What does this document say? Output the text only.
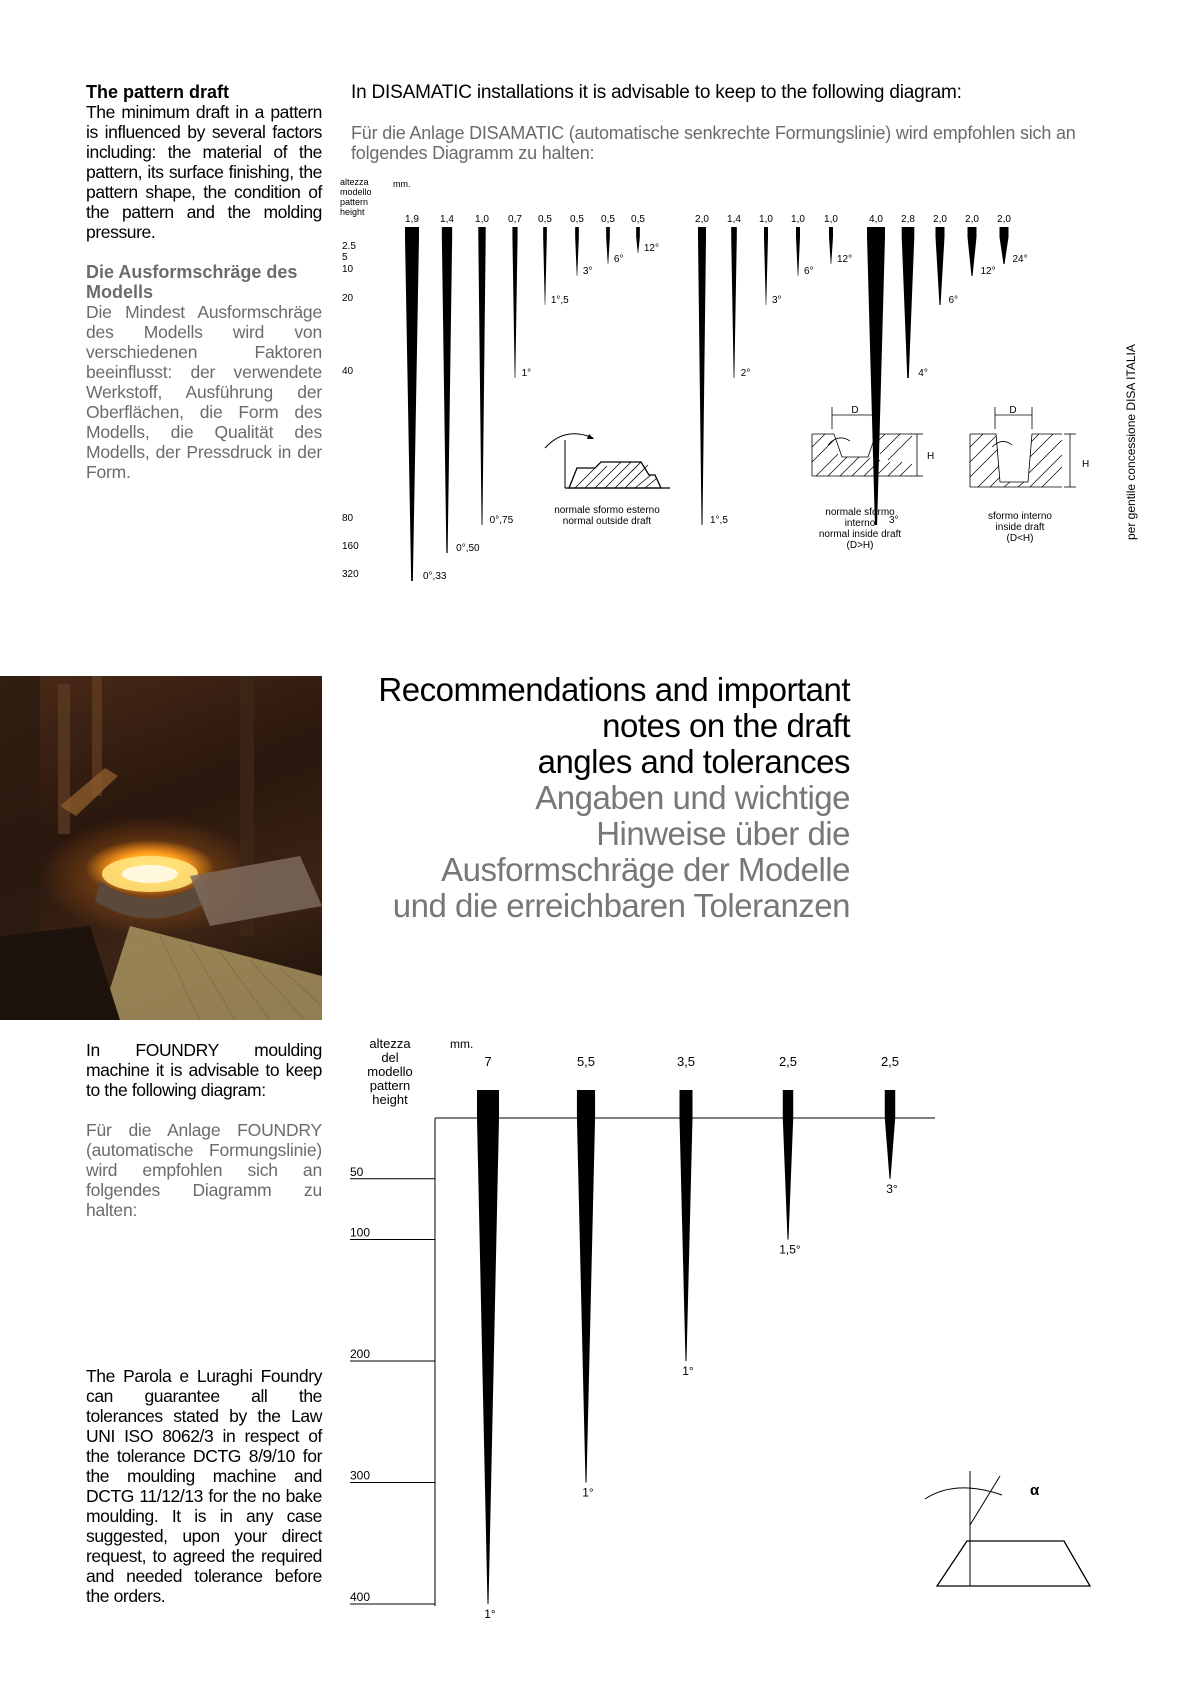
The pattern draft
The minimum draft in a pattern is influenced by several factors including: the material of the pattern, its surface finishing, the pattern shape, the condition of the pattern and the molding pressure.
Die Ausformschräge des Modells
Die Mindest Ausformschräge des Modells wird von verschiedenen Faktoren beeinflusst: der verwendete Werkstoff, Ausführung der Oberflächen, die Form des Modells, die Qualität des Modells, der Pressdruck in der Form.
In DISAMATIC installations it is advisable to keep to the following diagram:
Für die Anlage DISAMATIC (automatische senkrechte Formungslinie) wird empfohlen sich an folgendes Diagramm zu halten:
altezza
modello
pattern
height
mm.
2.5
5
10
20
40
80
160
320
1,9
0°,33
1,4
0°,50
1,0
0°,75
0,7
1°
0,5
1°,5
0,5
3°
0,5
6°
0,5
12°
2,0
1°,5
1,4
2°
1,0
3°
1,0
6°
1,0
12°
4,0
3°
2,8
4°
2,0
6°
2,0
12°
2,0
24°
normale sformo esterno
normal outside draft
D
H
normale sformo
interno
normal inside draft
(D>H)
D
H
sformo interno
inside draft
(D<H)	per gentile concessione DISA ITALIA
Recommendations and important
notes on the draft
angles and tolerances
Angaben und wichtige
Hinweise über die
Ausformschräge der Modelle
und die erreichbaren Toleranzen
In FOUNDRY moulding machine it is advisable to keep to the following diagram:
Für die Anlage FOUNDRY (automatische Formungslinie) wird empfohlen sich an folgendes Diagramm zu halten:
The Parola e Luraghi Foundry can guarantee all the tolerances stated by the Law UNI ISO 8062/3 in respect of the tolerance DCTG 8/9/10 for the moulding machine and DCTG 11/12/13 for the no bake moulding. It is in any case suggested, upon your direct request, to agreed the required and needed tolerance before the orders.
altezza
del
modello
pattern
height
mm.
50
100
200
300
400
7
1°
5,5
1°
3,5
1°
2,5
1,5°
2,5
3°
α
